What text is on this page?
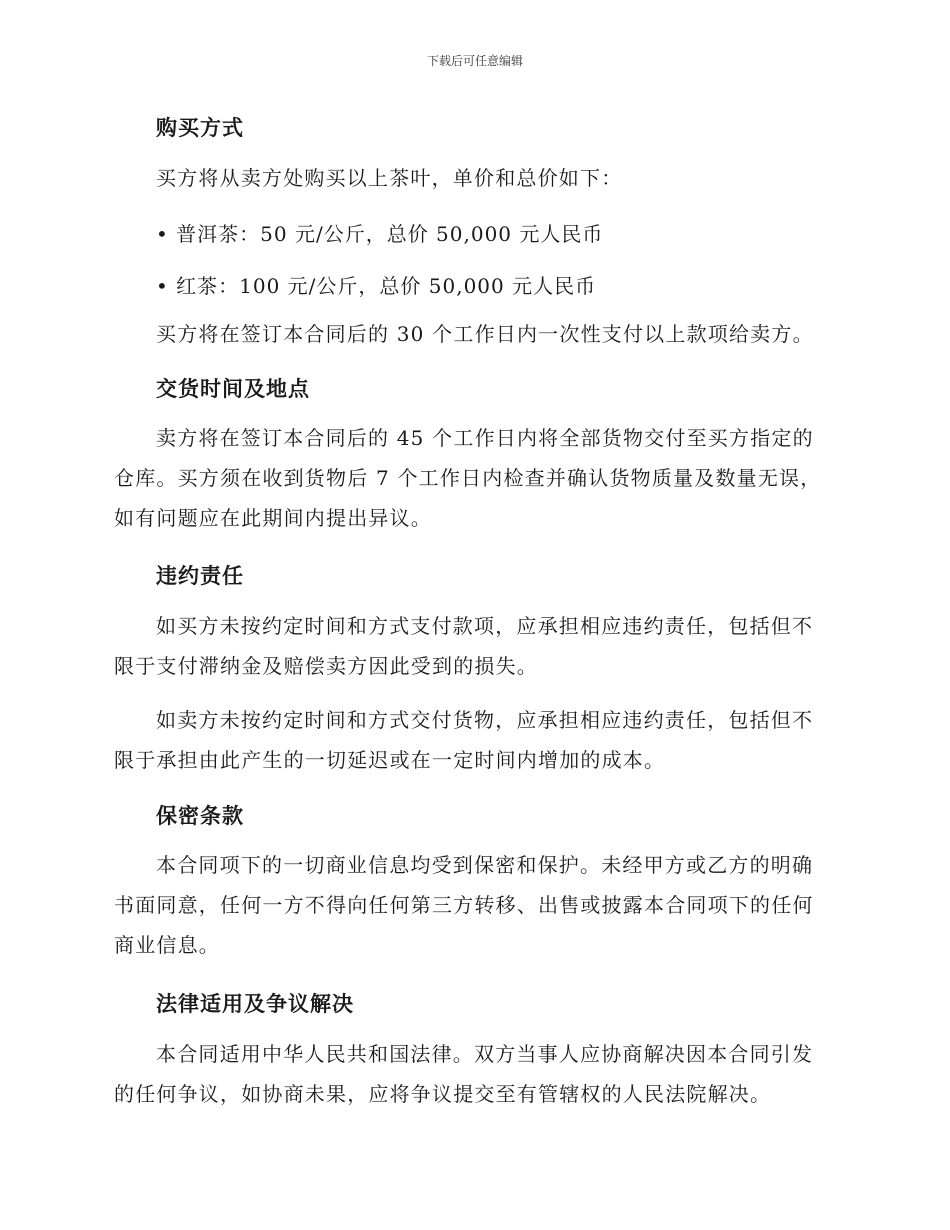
下载后可任意编辑
购买方式
买方将从卖方处购买以上茶叶，单价和总价如下：
• 普洱茶：50 元/公斤，总价 50,000 元人民币
• 红茶：100 元/公斤，总价 50,000 元人民币
买方将在签订本合同后的 30 个工作日内一次性支付以上款项给卖方。
交货时间及地点
卖方将在签订本合同后的 45 个工作日内将全部货物交付至买方指定的仓库。买方须在收到货物后 7 个工作日内检查并确认货物质量及数量无误，如有问题应在此期间内提出异议。
违约责任
如买方未按约定时间和方式支付款项，应承担相应违约责任，包括但不限于支付滞纳金及赔偿卖方因此受到的损失。
如卖方未按约定时间和方式交付货物，应承担相应违约责任，包括但不限于承担由此产生的一切延迟或在一定时间内增加的成本。
保密条款
本合同项下的一切商业信息均受到保密和保护。未经甲方或乙方的明确书面同意，任何一方不得向任何第三方转移、出售或披露本合同项下的任何商业信息。
法律适用及争议解决
本合同适用中华人民共和国法律。双方当事人应协商解决因本合同引发的任何争议，如协商未果，应将争议提交至有管辖权的人民法院解决。
